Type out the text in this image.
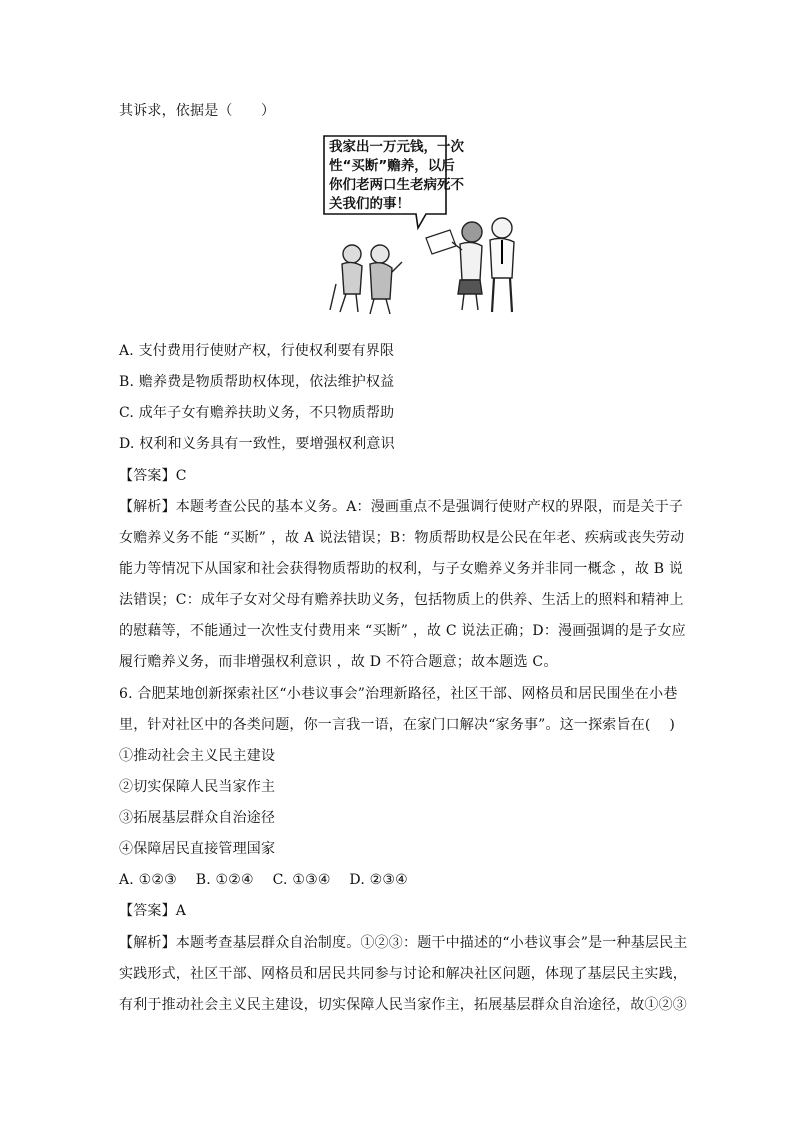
其诉求，依据是（　　）
我家出一万元钱，一次
性“买断”赡养，以后
你们老两口生老病死不
关我们的事！
A. 支付费用行使财产权，行使权利要有界限
B. 赡养费是物质帮助权体现，依法维护权益
C. 成年子女有赡养扶助义务，不只物质帮助
D. 权利和义务具有一致性，要增强权利意识
【答案】C
【解析】本题考查公民的基本义务。A：漫画重点不是强调行使财产权的界限，而是关于子
女赡养义务不能 “买断” ，故 A 说法错误；B：物质帮助权是公民在年老、疾病或丧失劳动
能力等情况下从国家和社会获得物质帮助的权利，与子女赡养义务并非同一概念 ，故 B 说
法错误；C：成年子女对父母有赡养扶助义务，包括物质上的供养、生活上的照料和精神上
的慰藉等，不能通过一次性支付费用来 “买断” ，故 C 说法正确；D：漫画强调的是子女应
履行赡养义务，而非增强权利意识 ，故 D 不符合题意；故本题选 C。
6. 合肥某地创新探索社区“小巷议事会”治理新路径，社区干部、网格员和居民围坐在小巷
里，针对社区中的各类问题，你一言我一语，在家门口解决“家务事”。这一探索旨在(　 )
①推动社会主义民主建设
②切实保障人民当家作主
③拓展基层群众自治途径
④保障居民直接管理国家
A. ①②③　 B. ①②④　 C. ①③④　 D. ②③④
【答案】A
【解析】本题考查基层群众自治制度。①②③：题干中描述的“小巷议事会”是一种基层民主
实践形式，社区干部、网格员和居民共同参与讨论和解决社区问题，体现了基层民主实践，
有利于推动社会主义民主建设，切实保障人民当家作主，拓展基层群众自治途径，故①②③
